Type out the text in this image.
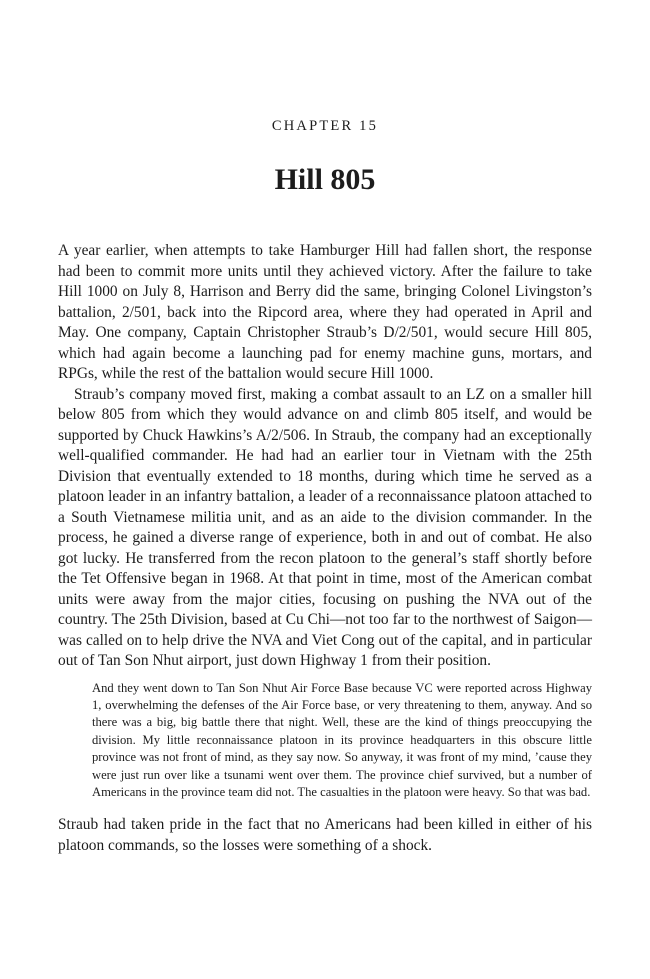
CHAPTER 15
Hill 805

A year earlier, when attempts to take Hamburger Hill had fallen short, the response had been to commit more units until they achieved victory. After the failure to take Hill 1000 on July 8, Harrison and Berry did the same, bringing Colonel Livingston’s battalion, 2/501, back into the Ripcord area, where they had operated in April and May. One company, Captain Christopher Straub’s D/2/501, would secure Hill 805, which had again become a launching pad for enemy machine guns, mortars, and RPGs, while the rest of the battalion would secure Hill 1000.

Straub’s company moved first, making a combat assault to an LZ on a smaller hill below 805 from which they would advance on and climb 805 itself, and would be supported by Chuck Hawkins’s A/2/506. In Straub, the company had an exceptionally well-qualified commander. He had had an earlier tour in Vietnam with the 25th Division that eventually extended to 18 months, during which time he served as a platoon leader in an infantry battalion, a leader of a reconnaissance platoon attached to a South Vietnamese militia unit, and as an aide to the division commander. In the process, he gained a diverse range of experience, both in and out of combat. He also got lucky. He transferred from the recon platoon to the general’s staff shortly before the Tet Offensive began in 1968. At that point in time, most of the American combat units were away from the major cities, focusing on pushing the NVA out of the country. The 25th Division, based at Cu Chi—not too far to the northwest of Saigon—was called on to help drive the NVA and Viet Cong out of the capital, and in particular out of Tan Son Nhut airport, just down Highway 1 from their position.

And they went down to Tan Son Nhut Air Force Base because VC were reported across Highway 1, overwhelming the defenses of the Air Force base, or very threatening to them, anyway. And so there was a big, big battle there that night. Well, these are the kind of things preoccupying the division. My little reconnaissance platoon in its province headquarters in this obscure little province was not front of mind, as they say now. So anyway, it was front of my mind, ’cause they were just run over like a tsunami went over them. The province chief survived, but a number of Americans in the province team did not. The casualties in the platoon were heavy. So that was bad.

Straub had taken pride in the fact that no Americans had been killed in either of his platoon commands, so the losses were something of a shock.
